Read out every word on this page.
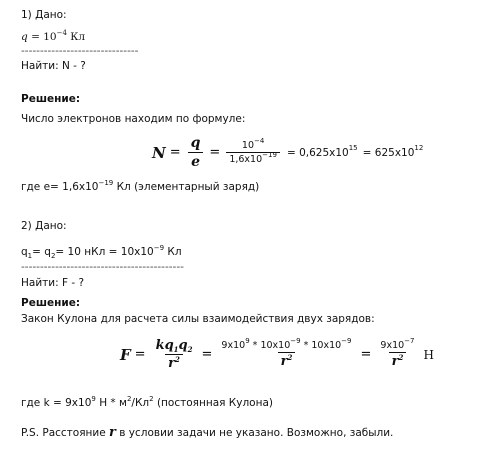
1) Дано:
$q = 10^{-4}$ Кл
-------------------------------
Найти: N - ?
Решение:
Число электронов находим по формуле:
$N = \frac{q}{e} = \frac{10^{-4}}{1,6x10^{-19}} = 0,625x10^{15} = 625x10^{12}$
где $е= 1,6x10^{-19}$ Кл (элементарный заряд)
2) Дано:
$q_1= q_2= 10$ нКл = $10x10^{-9}$ Кл
-------------------------------------------
Найти: F - ?
Решение:
Закон Кулона для расчета силы взаимодействия двух зарядов:
$F = \frac{kq_1q_2}{r^2} = \frac{9x10^9 * 10x10^{-9} * 10x10^{-9}}{r^2} = \frac{9x10^{-7}}{r^2}$ Н
где $k = 9x10^9$ Н * $м^2/Кл^2$ (постоянная Кулона)
P.S. Расстояние r в условии задачи не указано. Возможно, забыли.
